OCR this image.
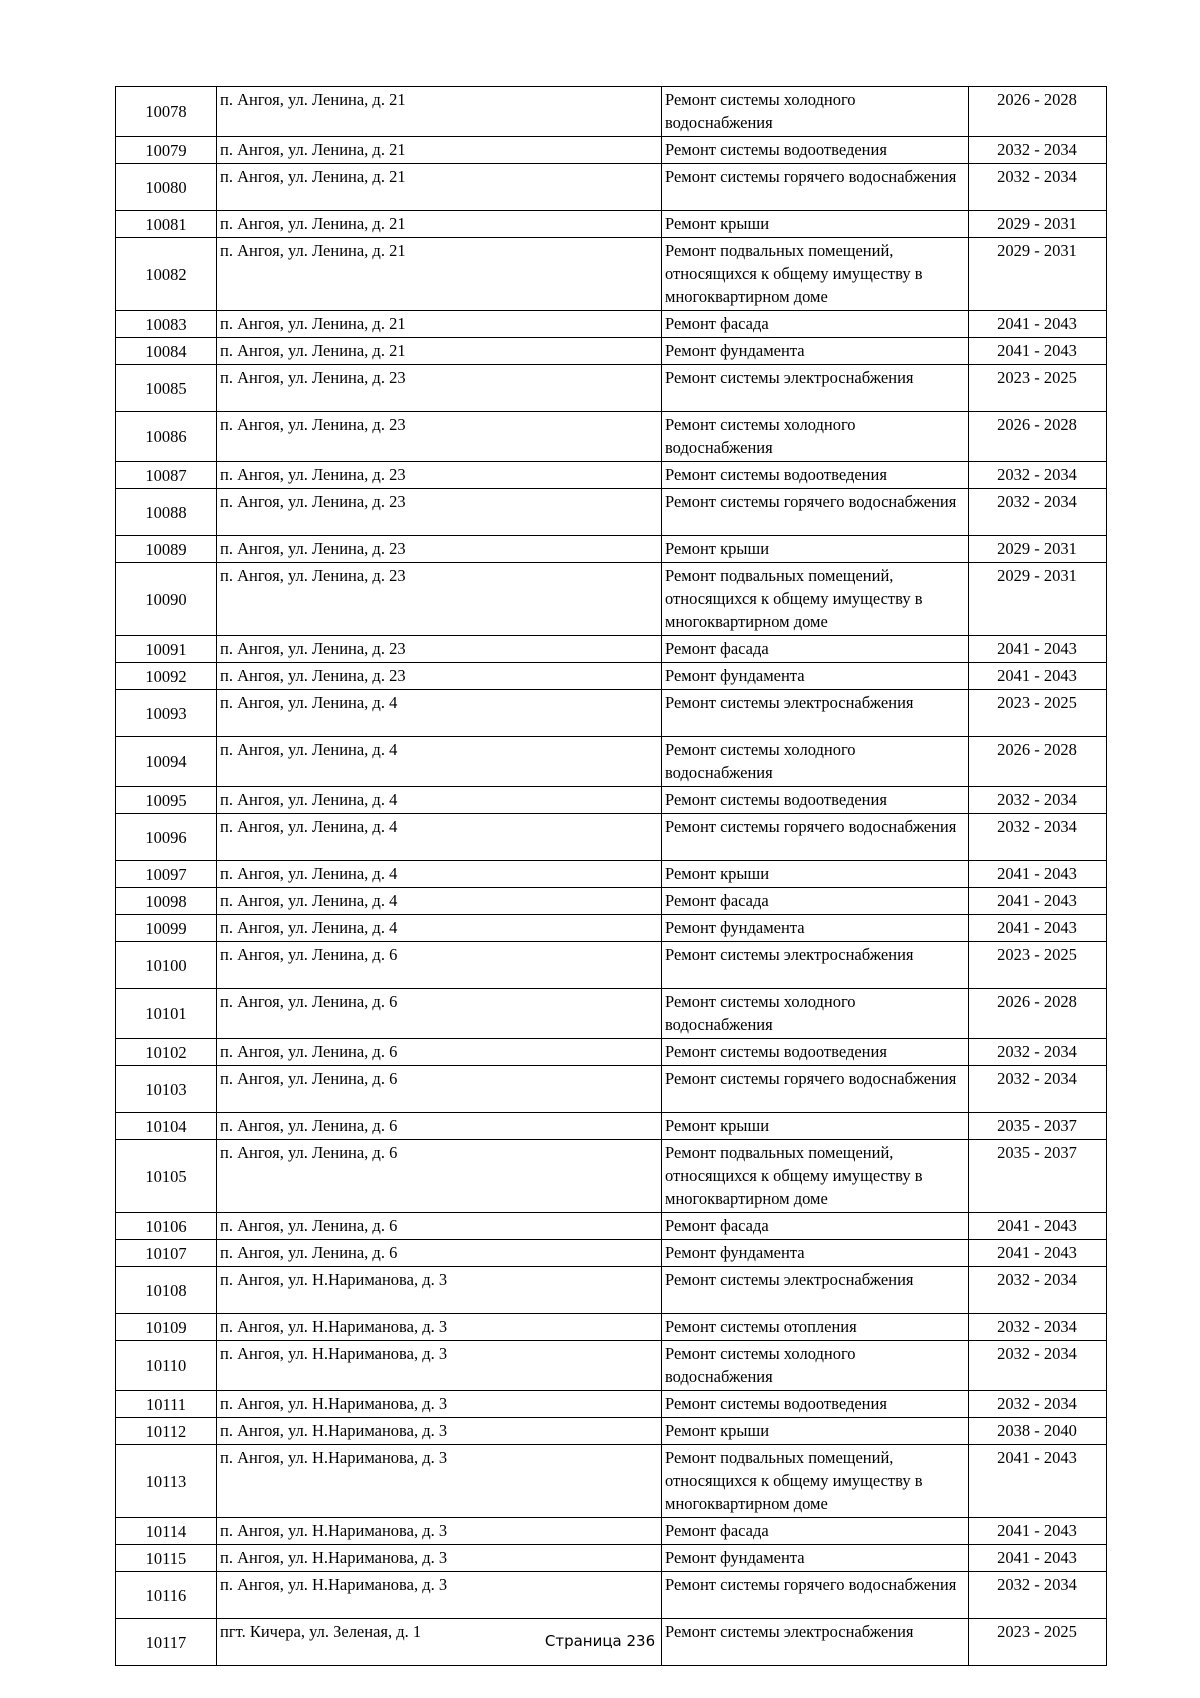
10078	п. Ангоя, ул. Ленина, д. 21	Ремонт системы холодного водоснабжения	2026 - 2028
10079	п. Ангоя, ул. Ленина, д. 21	Ремонт системы водоотведения	2032 - 2034
10080	п. Ангоя, ул. Ленина, д. 21	Ремонт системы горячего водоснабжения	2032 - 2034
10081	п. Ангоя, ул. Ленина, д. 21	Ремонт крыши	2029 - 2031
10082	п. Ангоя, ул. Ленина, д. 21	Ремонт подвальных помещений, относящихся к общему имуществу в многоквартирном доме	2029 - 2031
10083	п. Ангоя, ул. Ленина, д. 21	Ремонт фасада	2041 - 2043
10084	п. Ангоя, ул. Ленина, д. 21	Ремонт фундамента	2041 - 2043
10085	п. Ангоя, ул. Ленина, д. 23	Ремонт системы электроснабжения	2023 - 2025
10086	п. Ангоя, ул. Ленина, д. 23	Ремонт системы холодного водоснабжения	2026 - 2028
10087	п. Ангоя, ул. Ленина, д. 23	Ремонт системы водоотведения	2032 - 2034
10088	п. Ангоя, ул. Ленина, д. 23	Ремонт системы горячего водоснабжения	2032 - 2034
10089	п. Ангоя, ул. Ленина, д. 23	Ремонт крыши	2029 - 2031
10090	п. Ангоя, ул. Ленина, д. 23	Ремонт подвальных помещений, относящихся к общему имуществу в многоквартирном доме	2029 - 2031
10091	п. Ангоя, ул. Ленина, д. 23	Ремонт фасада	2041 - 2043
10092	п. Ангоя, ул. Ленина, д. 23	Ремонт фундамента	2041 - 2043
10093	п. Ангоя, ул. Ленина, д. 4	Ремонт системы электроснабжения	2023 - 2025
10094	п. Ангоя, ул. Ленина, д. 4	Ремонт системы холодного водоснабжения	2026 - 2028
10095	п. Ангоя, ул. Ленина, д. 4	Ремонт системы водоотведения	2032 - 2034
10096	п. Ангоя, ул. Ленина, д. 4	Ремонт системы горячего водоснабжения	2032 - 2034
10097	п. Ангоя, ул. Ленина, д. 4	Ремонт крыши	2041 - 2043
10098	п. Ангоя, ул. Ленина, д. 4	Ремонт фасада	2041 - 2043
10099	п. Ангоя, ул. Ленина, д. 4	Ремонт фундамента	2041 - 2043
10100	п. Ангоя, ул. Ленина, д. 6	Ремонт системы электроснабжения	2023 - 2025
10101	п. Ангоя, ул. Ленина, д. 6	Ремонт системы холодного водоснабжения	2026 - 2028
10102	п. Ангоя, ул. Ленина, д. 6	Ремонт системы водоотведения	2032 - 2034
10103	п. Ангоя, ул. Ленина, д. 6	Ремонт системы горячего водоснабжения	2032 - 2034
10104	п. Ангоя, ул. Ленина, д. 6	Ремонт крыши	2035 - 2037
10105	п. Ангоя, ул. Ленина, д. 6	Ремонт подвальных помещений, относящихся к общему имуществу в многоквартирном доме	2035 - 2037
10106	п. Ангоя, ул. Ленина, д. 6	Ремонт фасада	2041 - 2043
10107	п. Ангоя, ул. Ленина, д. 6	Ремонт фундамента	2041 - 2043
10108	п. Ангоя, ул. Н.Нариманова, д. 3	Ремонт системы электроснабжения	2032 - 2034
10109	п. Ангоя, ул. Н.Нариманова, д. 3	Ремонт системы отопления	2032 - 2034
10110	п. Ангоя, ул. Н.Нариманова, д. 3	Ремонт системы холодного водоснабжения	2032 - 2034
10111	п. Ангоя, ул. Н.Нариманова, д. 3	Ремонт системы водоотведения	2032 - 2034
10112	п. Ангоя, ул. Н.Нариманова, д. 3	Ремонт крыши	2038 - 2040
10113	п. Ангоя, ул. Н.Нариманова, д. 3	Ремонт подвальных помещений, относящихся к общему имуществу в многоквартирном доме	2041 - 2043
10114	п. Ангоя, ул. Н.Нариманова, д. 3	Ремонт фасада	2041 - 2043
10115	п. Ангоя, ул. Н.Нариманова, д. 3	Ремонт фундамента	2041 - 2043
10116	п. Ангоя, ул. Н.Нариманова, д. 3	Ремонт системы горячего водоснабжения	2032 - 2034
10117	пгт. Кичера, ул. Зеленая, д. 1	Ремонт системы электроснабжения	2023 - 2025
Страница 236
